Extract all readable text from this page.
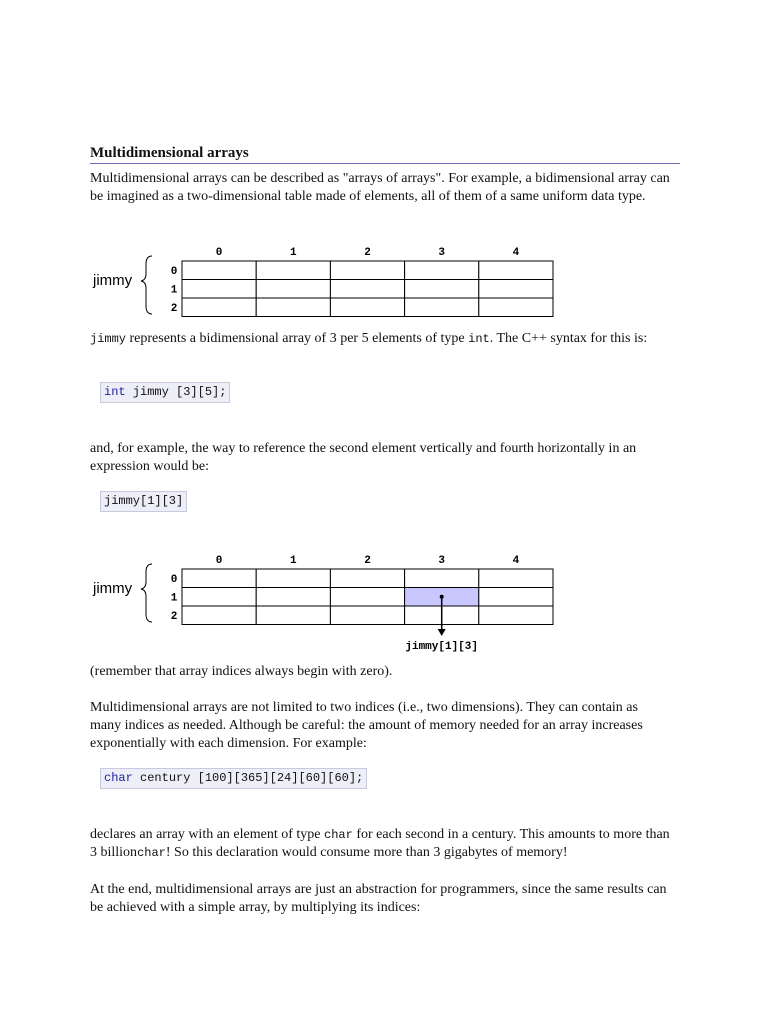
Multidimensional arrays
Multidimensional arrays can be described as "arrays of arrays". For example, a bidimensional array can be imagined as a two-dimensional table made of elements, all of them of a same uniform data type.
jimmy
0	1	2	3	4
0
1
2
jimmy represents a bidimensional array of 3 per 5 elements of type int. The C++ syntax for this is:
int jimmy [3][5];
and, for example, the way to reference the second element vertically and fourth horizontally in an expression would be:
jimmy[1][3]
jimmy
0	1	2	3	4
0
1
2
jimmy[1][3]
(remember that array indices always begin with zero).
Multidimensional arrays are not limited to two indices (i.e., two dimensions). They can contain as many indices as needed. Although be careful: the amount of memory needed for an array increases exponentially with each dimension. For example:
char century [100][365][24][60][60];
declares an array with an element of type char for each second in a century. This amounts to more than 3 billionchar! So this declaration would consume more than 3 gigabytes of memory!
At the end, multidimensional arrays are just an abstraction for programmers, since the same results can be achieved with a simple array, by multiplying its indices:
